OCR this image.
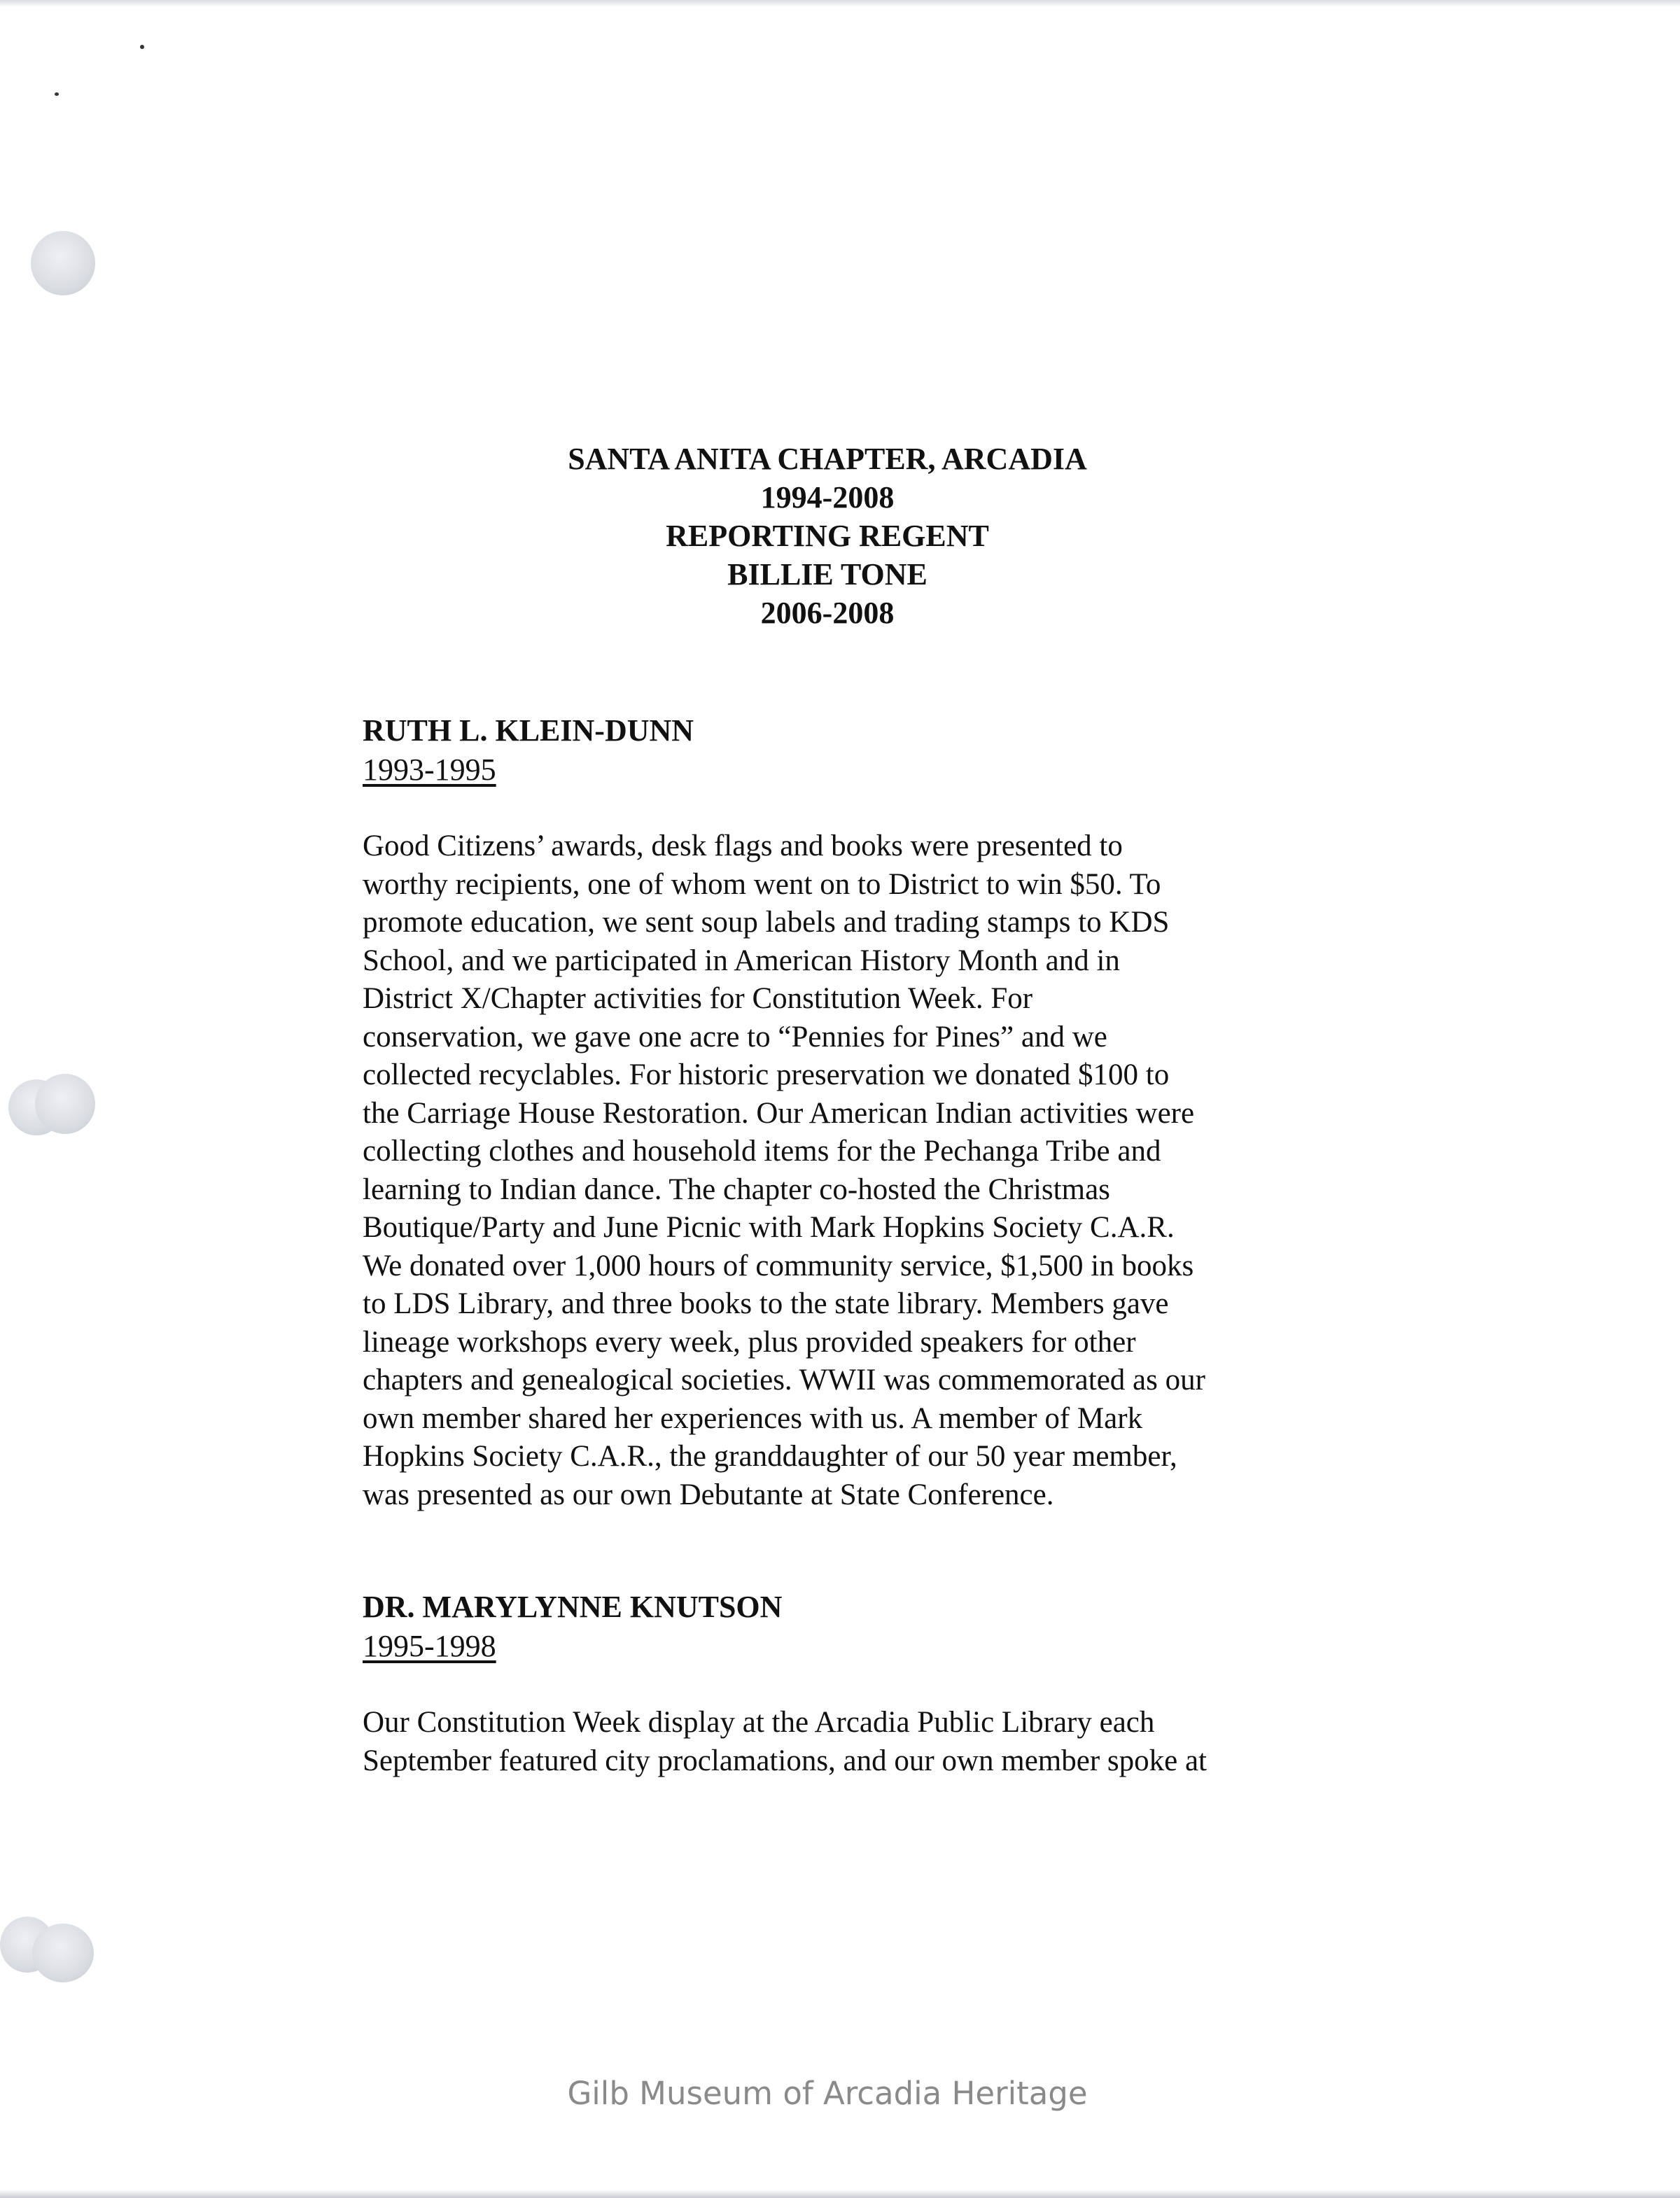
SANTA ANITA CHAPTER, ARCADIA
1994-2008
REPORTING REGENT
BILLIE TONE
2006-2008
RUTH L. KLEIN-DUNN
1993-1995
Good Citizens’ awards, desk flags and books were presented to
worthy recipients, one of whom went on to District to win $50. To
promote education, we sent soup labels and trading stamps to KDS
School, and we participated in American History Month and in
District X/Chapter activities for Constitution Week. For
conservation, we gave one acre to “Pennies for Pines” and we
collected recyclables. For historic preservation we donated $100 to
the Carriage House Restoration. Our American Indian activities were
collecting clothes and household items for the Pechanga Tribe and
learning to Indian dance. The chapter co-hosted the Christmas
Boutique/Party and June Picnic with Mark Hopkins Society C.A.R.
We donated over 1,000 hours of community service, $1,500 in books
to LDS Library, and three books to the state library. Members gave
lineage workshops every week, plus provided speakers for other
chapters and genealogical societies. WWII was commemorated as our
own member shared her experiences with us. A member of Mark
Hopkins Society C.A.R., the granddaughter of our 50 year member,
was presented as our own Debutante at State Conference.
DR. MARYLYNNE KNUTSON
1995-1998
Our Constitution Week display at the Arcadia Public Library each
September featured city proclamations, and our own member spoke at
Gilb Museum of Arcadia Heritage
